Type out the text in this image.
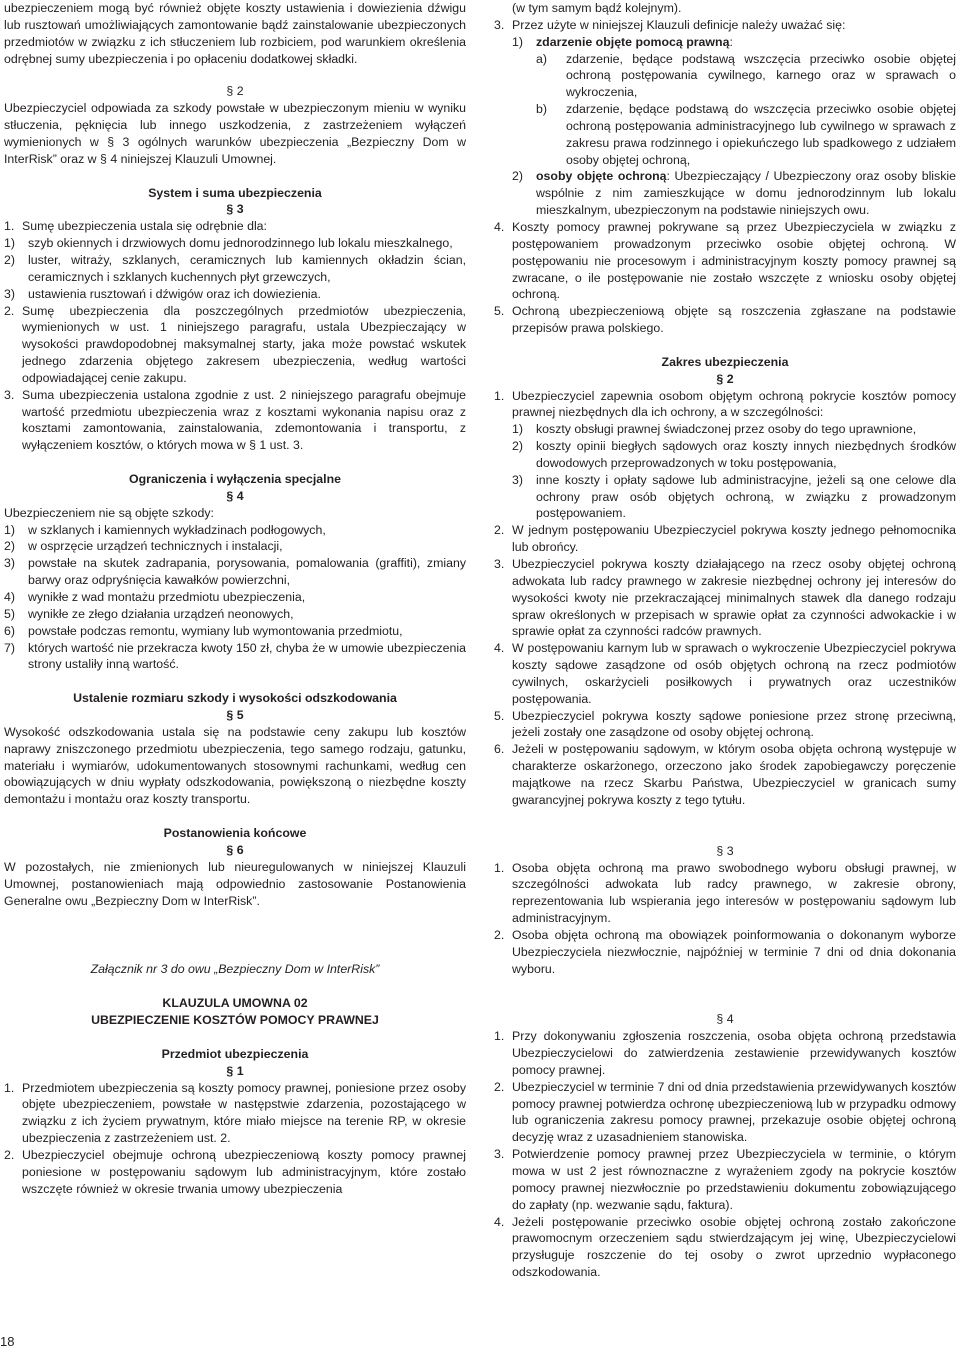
ubezpieczeniem mogą być również objęte koszty ustawienia i dowiezienia dźwigu lub rusztowań umożliwiających zamontowanie bądź zainstalowanie ubezpieczonych przedmiotów w związku z ich stłuczeniem lub rozbiciem, pod warunkiem określenia odrębnej sumy ubezpieczenia i po opłaceniu dodatkowej składki.

§ 2

Ubezpieczyciel odpowiada za szkody powstałe w ubezpieczonym mieniu w wyniku stłuczenia, pęknięcia lub innego uszkodzenia, z zastrzeżeniem wyłączeń wymienionych w § 3 ogólnych warunków ubezpieczenia „Bezpieczny Dom w InterRisk” oraz w § 4 niniejszej Klauzuli Umownej.

System i suma ubezpieczenia

§ 3

1. Sumę ubezpieczenia ustala się odrębnie dla:
1)	szyb okiennych i drzwiowych domu jednorodzinnego lub lokalu mieszkalnego,
2)	luster, witraży, szklanych, ceramicznych lub kamiennych okładzin ścian, ceramicznych i szklanych kuchennych płyt grzewczych,
3)	ustawienia rusztowań i dźwigów oraz ich dowiezienia.
2. Sumę ubezpieczenia dla poszczególnych przedmiotów ubezpieczenia, wymienionych w ust. 1 niniejszego paragrafu, ustala Ubezpieczający w wysokości prawdopodobnej maksymalnej starty, jaka może powstać wskutek jednego zdarzenia objętego zakresem ubezpieczenia, według wartości odpowiadającej cenie zakupu.
3. Suma ubezpieczenia ustalona zgodnie z ust. 2 niniejszego paragrafu obejmuje wartość przedmiotu ubezpieczenia wraz z kosztami wykonania napisu oraz z kosztami zamontowania, zainstalowania, zdemontowania i transportu, z wyłączeniem kosztów, o których mowa w § 1 ust. 3.

Ograniczenia i wyłączenia specjalne

§ 4

Ubezpieczeniem nie są objęte szkody:

1)	w szklanych i kamiennych wykładzinach podłogowych,
2)	w osprzęcie urządzeń technicznych i instalacji,
3)	powstałe na skutek zadrapania, porysowania, pomalowania (graffiti), zmiany barwy oraz odpryśnięcia kawałków powierzchni,
4)	wynikłe z wad montażu przedmiotu ubezpieczenia,
5)	wynikłe ze złego działania urządzeń neonowych,
6)	powstałe podczas remontu, wymiany lub wymontowania przedmiotu,
7)	których wartość nie przekracza kwoty 150 zł, chyba że w umowie ubezpieczenia strony ustaliły inną wartość.

Ustalenie rozmiaru szkody i wysokości odszkodowania

§ 5

Wysokość odszkodowania ustala się na podstawie ceny zakupu lub kosztów naprawy zniszczonego przedmiotu ubezpieczenia, tego samego rodzaju, gatunku, materiału i wymiarów, udokumentowanych stosownymi rachunkami, według cen obowiązujących w dniu wypłaty odszkodowania, powiększoną o niezbędne koszty demontażu i montażu oraz koszty transportu.

Postanowienia końcowe

§ 6

W pozostałych, nie zmienionych lub nieuregulowanych w niniejszej Klauzuli Umownej, postanowieniach mają odpowiednio zastosowanie Postanowienia Generalne owu „Bezpieczny Dom w InterRisk”.

Załącznik nr 3 do owu „Bezpieczny Dom w InterRisk”

KLAUZULA UMOWNA 02

UBEZPIECZENIE KOSZTÓW POMOCY PRAWNEJ

Przedmiot ubezpieczenia

§ 1

1. Przedmiotem ubezpieczenia są koszty pomocy prawnej, poniesione przez osoby objęte ubezpieczeniem, powstałe w następstwie zdarzenia, pozostającego w związku z ich życiem prywatnym, które miało miejsce na terenie RP, w okresie ubezpieczenia z zastrzeżeniem ust. 2.
2. Ubezpieczyciel obejmuje ochroną ubezpieczeniową koszty pomocy prawnej poniesione w postępowaniu sądowym lub administracyjnym, które zostało wszczęte również w okresie trwania umowy ubezpieczenia

(w tym samym bądź kolejnym).

3. Przez użyte w niniejszej Klauzuli definicje należy uważać się:
1)	zdarzenie objęte pomocą prawną:
a)	zdarzenie, będące podstawą wszczęcia przeciwko osobie objętej ochroną postępowania cywilnego, karnego oraz w sprawach o wykroczenia,
b)	zdarzenie, będące podstawą do wszczęcia przeciwko osobie objętej ochroną postępowania administracyjnego lub cywilnego w sprawach z zakresu prawa rodzinnego i opiekuńczego lub spadkowego z udziałem osoby objętej ochroną,
2)	osoby objęte ochroną: Ubezpieczający / Ubezpieczony oraz osoby bliskie wspólnie z nim zamieszkujące w domu jednorodzinnym lub lokalu mieszkalnym, ubezpieczonym na podstawie niniejszych owu.
4. Koszty pomocy prawnej pokrywane są przez Ubezpieczyciela w związku z postępowaniem prowadzonym przeciwko osobie objętej ochroną. W postępowaniu nie procesowym i administracyjnym koszty pomocy prawnej są zwracane, o ile postępowanie nie zostało wszczęte z wniosku osoby objętej ochroną.
5. Ochroną ubezpieczeniową objęte są roszczenia zgłaszane na podstawie przepisów prawa polskiego.

Zakres ubezpieczenia

§ 2

1. Ubezpieczyciel zapewnia osobom objętym ochroną pokrycie kosztów pomocy prawnej niezbędnych dla ich ochrony, a w szczególności:
1)	koszty obsługi prawnej świadczonej przez osoby do tego uprawnione,
2)	koszty opinii biegłych sądowych oraz koszty innych niezbędnych środków dowodowych przeprowadzonych w toku postępowania,
3)	inne koszty i opłaty sądowe lub administracyjne, jeżeli są one celowe dla ochrony praw osób objętych ochroną, w związku z prowadzonym postępowaniem.
2. W jednym postępowaniu Ubezpieczyciel pokrywa koszty jednego pełnomocnika lub obrońcy.
3. Ubezpieczyciel pokrywa koszty działającego na rzecz osoby objętej ochroną adwokata lub radcy prawnego w zakresie niezbędnej ochrony jej interesów do wysokości kwoty nie przekraczającej minimalnych stawek dla danego rodzaju spraw określonych w przepisach w sprawie opłat za czynności adwokackie i w sprawie opłat za czynności radców prawnych.
4. W postępowaniu karnym lub w sprawach o wykroczenie Ubezpieczyciel pokrywa koszty sądowe zasądzone od osób objętych ochroną na rzecz podmiotów cywilnych, oskarżycieli posiłkowych i prywatnych oraz uczestników postępowania.
5. Ubezpieczyciel pokrywa koszty sądowe poniesione przez stronę przeciwną, jeżeli zostały one zasądzone od osoby objętej ochroną.
6. Jeżeli w postępowaniu sądowym, w którym osoba objęta ochroną występuje w charakterze oskarżonego, orzeczono jako środek zapobiegawczy poręczenie majątkowe na rzecz Skarbu Państwa, Ubezpieczyciel w granicach sumy gwarancyjnej pokrywa koszty z tego tytułu.

§ 3

1. Osoba objęta ochroną ma prawo swobodnego wyboru obsługi prawnej, w szczególności adwokata lub radcy prawnego, w zakresie obrony, reprezentowania lub wspierania jego interesów w postępowaniu sądowym lub administracyjnym.
2. Osoba objęta ochroną ma obowiązek poinformowania o dokonanym wyborze Ubezpieczyciela niezwłocznie, najpóźniej w terminie 7 dni od dnia dokonania wyboru.

§ 4

1. Przy dokonywaniu zgłoszenia roszczenia, osoba objęta ochroną przedstawia Ubezpieczycielowi do zatwierdzenia zestawienie przewidywanych kosztów pomocy prawnej.
2. Ubezpieczyciel w terminie 7 dni od dnia przedstawienia przewidywanych kosztów pomocy prawnej potwierdza ochronę ubezpieczeniową lub w przypadku odmowy lub ograniczenia zakresu pomocy prawnej, przekazuje osobie objętej ochroną decyzję wraz z uzasadnieniem stanowiska.
3. Potwierdzenie pomocy prawnej przez Ubezpieczyciela w terminie, o którym mowa w ust 2 jest równoznaczne z wyrażeniem zgody na pokrycie kosztów pomocy prawnej niezwłocznie po przedstawieniu dokumentu zobowiązującego do zapłaty (np. wezwanie sądu, faktura).
4. Jeżeli postępowanie przeciwko osobie objętej ochroną zostało zakończone prawomocnym orzeczeniem sądu stwierdzającym jej winę, Ubezpieczycielowi przysługuje roszczenie do tej osoby o zwrot uprzednio wypłaconego odszkodowania.
18
